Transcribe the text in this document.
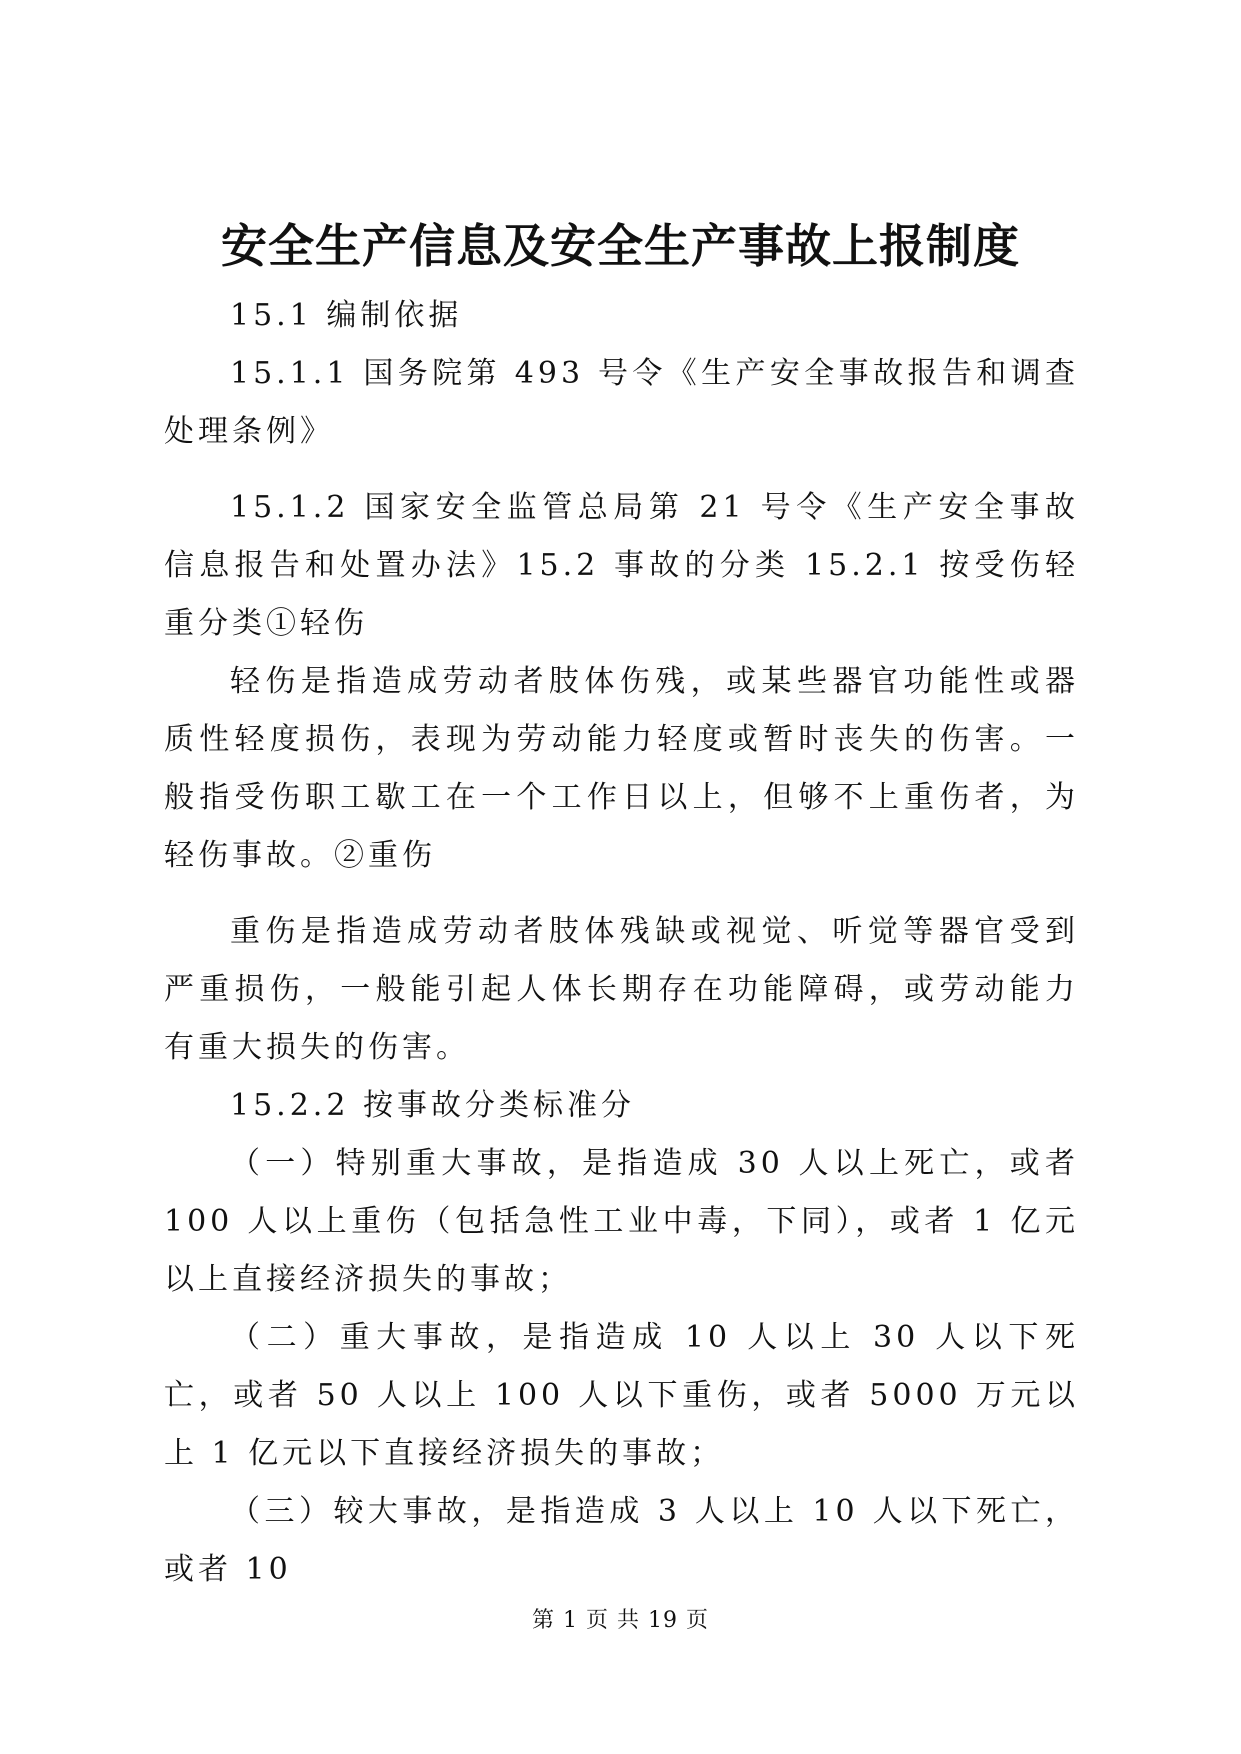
安全生产信息及安全生产事故上报制度

15.1 编制依据

15.1.1 国务院第 493 号令《生产安全事故报告和调查处理条例》

15.1.2 国家安全监管总局第 21 号令《生产安全事故信息报告和处置办法》15.2 事故的分类 15.2.1 按受伤轻重分类①轻伤

轻伤是指造成劳动者肢体伤残，或某些器官功能性或器质性轻度损伤，表现为劳动能力轻度或暂时丧失的伤害。一般指受伤职工歇工在一个工作日以上，但够不上重伤者，为轻伤事故。②重伤

重伤是指造成劳动者肢体残缺或视觉、听觉等器官受到严重损伤，一般能引起人体长期存在功能障碍，或劳动能力有重大损失的伤害。

15.2.2 按事故分类标准分

（一）特别重大事故，是指造成 30 人以上死亡，或者 100 人以上重伤（包括急性工业中毒，下同），或者 1 亿元以上直接经济损失的事故；

（二）重大事故，是指造成 10 人以上 30 人以下死亡，或者 50 人以上 100 人以下重伤，或者 5000 万元以上 1 亿元以下直接经济损失的事故；

（三）较大事故，是指造成 3 人以上 10 人以下死亡，或者 10

第 1 页 共 19 页
